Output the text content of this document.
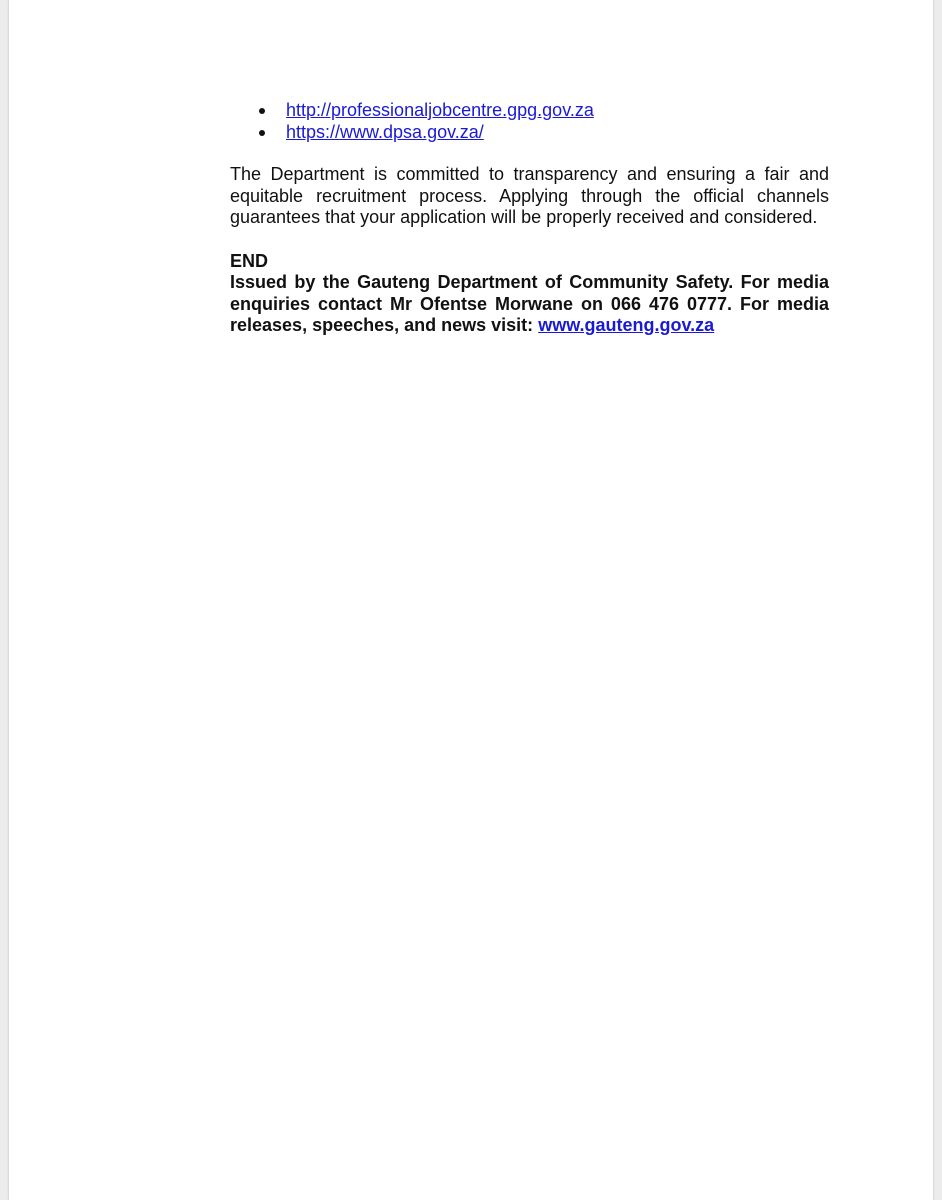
http://professionaljobcentre.gpg.gov.za
https://www.dpsa.gov.za/

The Department is committed to transparency and ensuring a fair and equitable recruitment process. Applying through the official channels guarantees that your application will be properly received and considered.

END
Issued by the Gauteng Department of Community Safety. For media enquiries contact Mr Ofentse Morwane on 066 476 0777. For media releases, speeches, and news visit: www.gauteng.gov.za
